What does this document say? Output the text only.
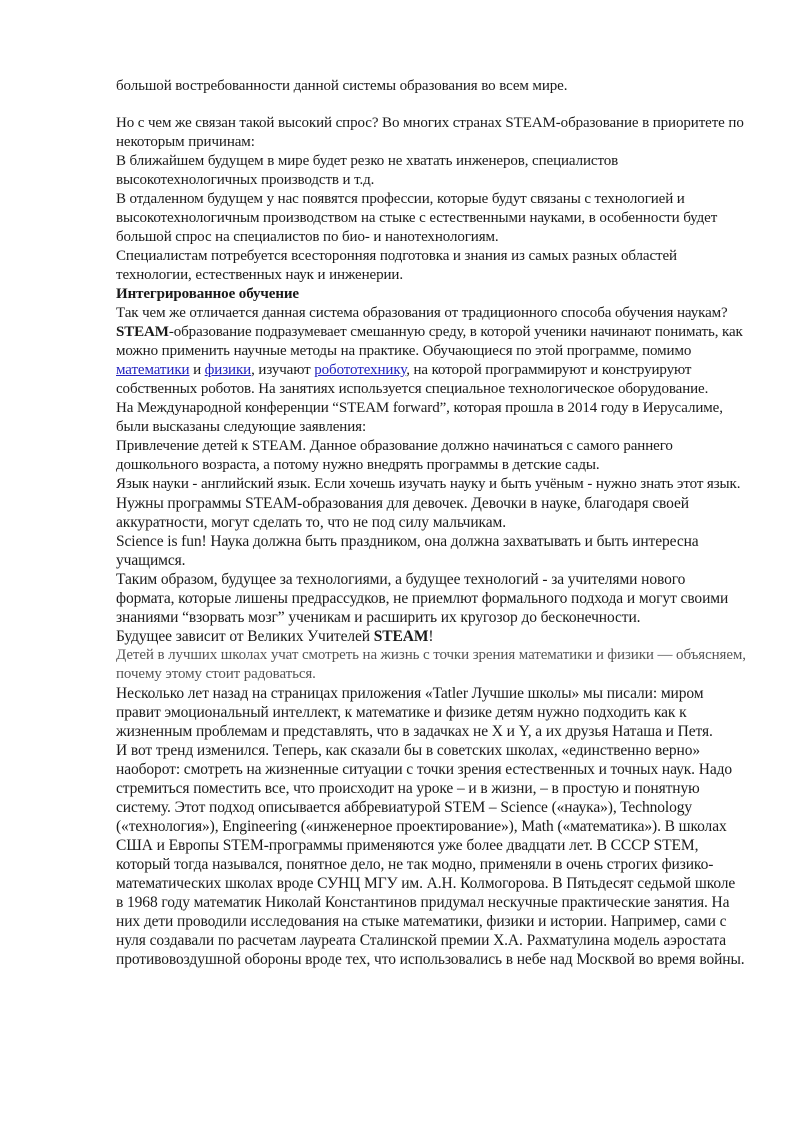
большой востребованности данной системы образования во всем мире.

Но с чем же связан такой высокий спрос? Во многих странах STEAM-образование в приоритете по некоторым причинам:

В ближайшем будущем в мире будет резко не хватать инженеров, специалистов высокотехнологичных производств и т.д.

В отдаленном будущем у нас появятся профессии, которые будут связаны с технологией и высокотехнологичным производством на стыке с естественными науками, в особенности будет большой спрос на специалистов по био- и нанотехнологиям.

Специалистам потребуется всесторонняя подготовка и знания из самых разных областей технологии, естественных наук и инженерии.

Интегрированное обучение

Так чем же отличается данная система образования от традиционного способа обучения наукам? STEAM-образование подразумевает смешанную среду, в которой ученики начинают понимать, как можно применить научные методы на практике. Обучающиеся по этой программе, помимо математики и физики, изучают робототехнику, на которой программируют и конструируют собственных роботов. На занятиях используется специальное технологическое оборудование.

На Международной конференции “STEAM forward”, которая прошла в 2014 году в Иерусалиме, были высказаны следующие заявления:

Привлечение детей к STEAM. Данное образование должно начинаться с самого раннего дошкольного возраста, а потому нужно внедрять программы в детские сады.

Язык науки - английский язык. Если хочешь изучать науку и быть учёным - нужно знать этот язык.

Нужны программы STEAM-образования для девочек. Девочки в науке, благодаря своей аккуратности, могут сделать то, что не под силу мальчикам.

Science is fun! Наука должна быть праздником, она должна захватывать и быть интересна учащимся.

Таким образом, будущее за технологиями, а будущее технологий - за учителями нового формата, которые лишены предрассудков, не приемлют формального подхода и могут своими знаниями “взорвать мозг” ученикам и расширить их кругозор до бесконечности.

Будущее зависит от Великих Учителей STEAM!

Детей в лучших школах учат смотреть на жизнь с точки зрения математики и физики — объясняем, почему этому стоит радоваться.

Несколько лет назад на страницах приложения «Tatler Лучшие школы» мы писали: миром правит эмоциональный интеллект, к математике и физике детям нужно подходить как к жизненным проблемам и представлять, что в задачках не X и Y, а их друзья Наташа и Петя.

И вот тренд изменился. Теперь, как сказали бы в советских школах, «единственно верно» наоборот: смотреть на жизненные ситуации с точки зрения естественных и точных наук. Надо стремиться поместить все, что происходит на уроке – и в жизни, – в простую и понятную систему. Этот подход описывается аббревиатурой STEM – Science («наука»), Technology («технология»), Engineering («инженерное проектирование»), Math («математика»). В школах США и Европы STEM-программы применяются уже более двадцати лет. В СССР STEM, который тогда назывался, понятное дело, не так модно, применяли в очень строгих физико-математических школах вроде СУНЦ МГУ им. А.Н. Колмогорова. В Пятьдесят седьмой школе в 1968 году математик Николай Константинов придумал нескучные практические занятия. На них дети проводили исследования на стыке математики, физики и истории. Например, сами с нуля создавали по расчетам лауреата Сталинской премии Х.А. Рахматулина модель аэростата противовоздушной обороны вроде тех, что использовались в небе над Москвой во время войны.
